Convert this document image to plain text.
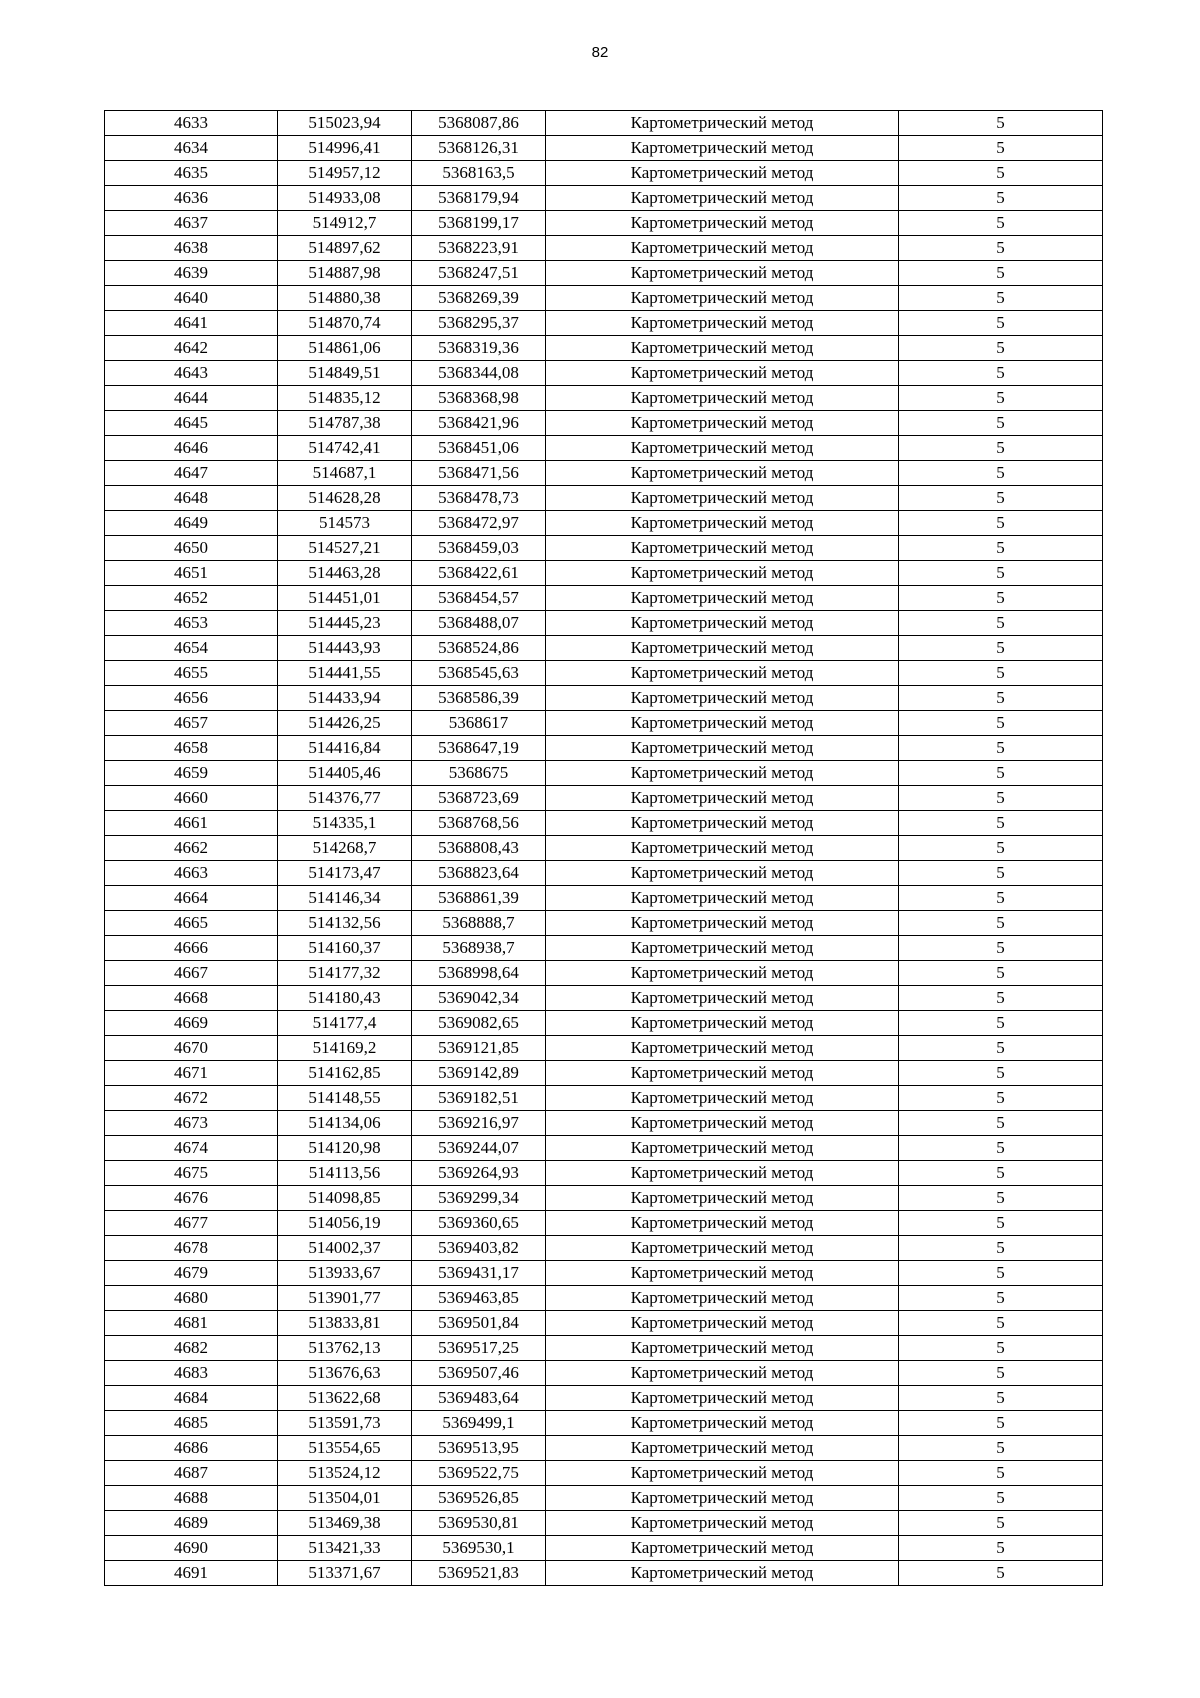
82
4633	515023,94	5368087,86	Картометрический метод	5
4634	514996,41	5368126,31	Картометрический метод	5
4635	514957,12	5368163,5	Картометрический метод	5
4636	514933,08	5368179,94	Картометрический метод	5
4637	514912,7	5368199,17	Картометрический метод	5
4638	514897,62	5368223,91	Картометрический метод	5
4639	514887,98	5368247,51	Картометрический метод	5
4640	514880,38	5368269,39	Картометрический метод	5
4641	514870,74	5368295,37	Картометрический метод	5
4642	514861,06	5368319,36	Картометрический метод	5
4643	514849,51	5368344,08	Картометрический метод	5
4644	514835,12	5368368,98	Картометрический метод	5
4645	514787,38	5368421,96	Картометрический метод	5
4646	514742,41	5368451,06	Картометрический метод	5
4647	514687,1	5368471,56	Картометрический метод	5
4648	514628,28	5368478,73	Картометрический метод	5
4649	514573	5368472,97	Картометрический метод	5
4650	514527,21	5368459,03	Картометрический метод	5
4651	514463,28	5368422,61	Картометрический метод	5
4652	514451,01	5368454,57	Картометрический метод	5
4653	514445,23	5368488,07	Картометрический метод	5
4654	514443,93	5368524,86	Картометрический метод	5
4655	514441,55	5368545,63	Картометрический метод	5
4656	514433,94	5368586,39	Картометрический метод	5
4657	514426,25	5368617	Картометрический метод	5
4658	514416,84	5368647,19	Картометрический метод	5
4659	514405,46	5368675	Картометрический метод	5
4660	514376,77	5368723,69	Картометрический метод	5
4661	514335,1	5368768,56	Картометрический метод	5
4662	514268,7	5368808,43	Картометрический метод	5
4663	514173,47	5368823,64	Картометрический метод	5
4664	514146,34	5368861,39	Картометрический метод	5
4665	514132,56	5368888,7	Картометрический метод	5
4666	514160,37	5368938,7	Картометрический метод	5
4667	514177,32	5368998,64	Картометрический метод	5
4668	514180,43	5369042,34	Картометрический метод	5
4669	514177,4	5369082,65	Картометрический метод	5
4670	514169,2	5369121,85	Картометрический метод	5
4671	514162,85	5369142,89	Картометрический метод	5
4672	514148,55	5369182,51	Картометрический метод	5
4673	514134,06	5369216,97	Картометрический метод	5
4674	514120,98	5369244,07	Картометрический метод	5
4675	514113,56	5369264,93	Картометрический метод	5
4676	514098,85	5369299,34	Картометрический метод	5
4677	514056,19	5369360,65	Картометрический метод	5
4678	514002,37	5369403,82	Картометрический метод	5
4679	513933,67	5369431,17	Картометрический метод	5
4680	513901,77	5369463,85	Картометрический метод	5
4681	513833,81	5369501,84	Картометрический метод	5
4682	513762,13	5369517,25	Картометрический метод	5
4683	513676,63	5369507,46	Картометрический метод	5
4684	513622,68	5369483,64	Картометрический метод	5
4685	513591,73	5369499,1	Картометрический метод	5
4686	513554,65	5369513,95	Картометрический метод	5
4687	513524,12	5369522,75	Картометрический метод	5
4688	513504,01	5369526,85	Картометрический метод	5
4689	513469,38	5369530,81	Картометрический метод	5
4690	513421,33	5369530,1	Картометрический метод	5
4691	513371,67	5369521,83	Картометрический метод	5
